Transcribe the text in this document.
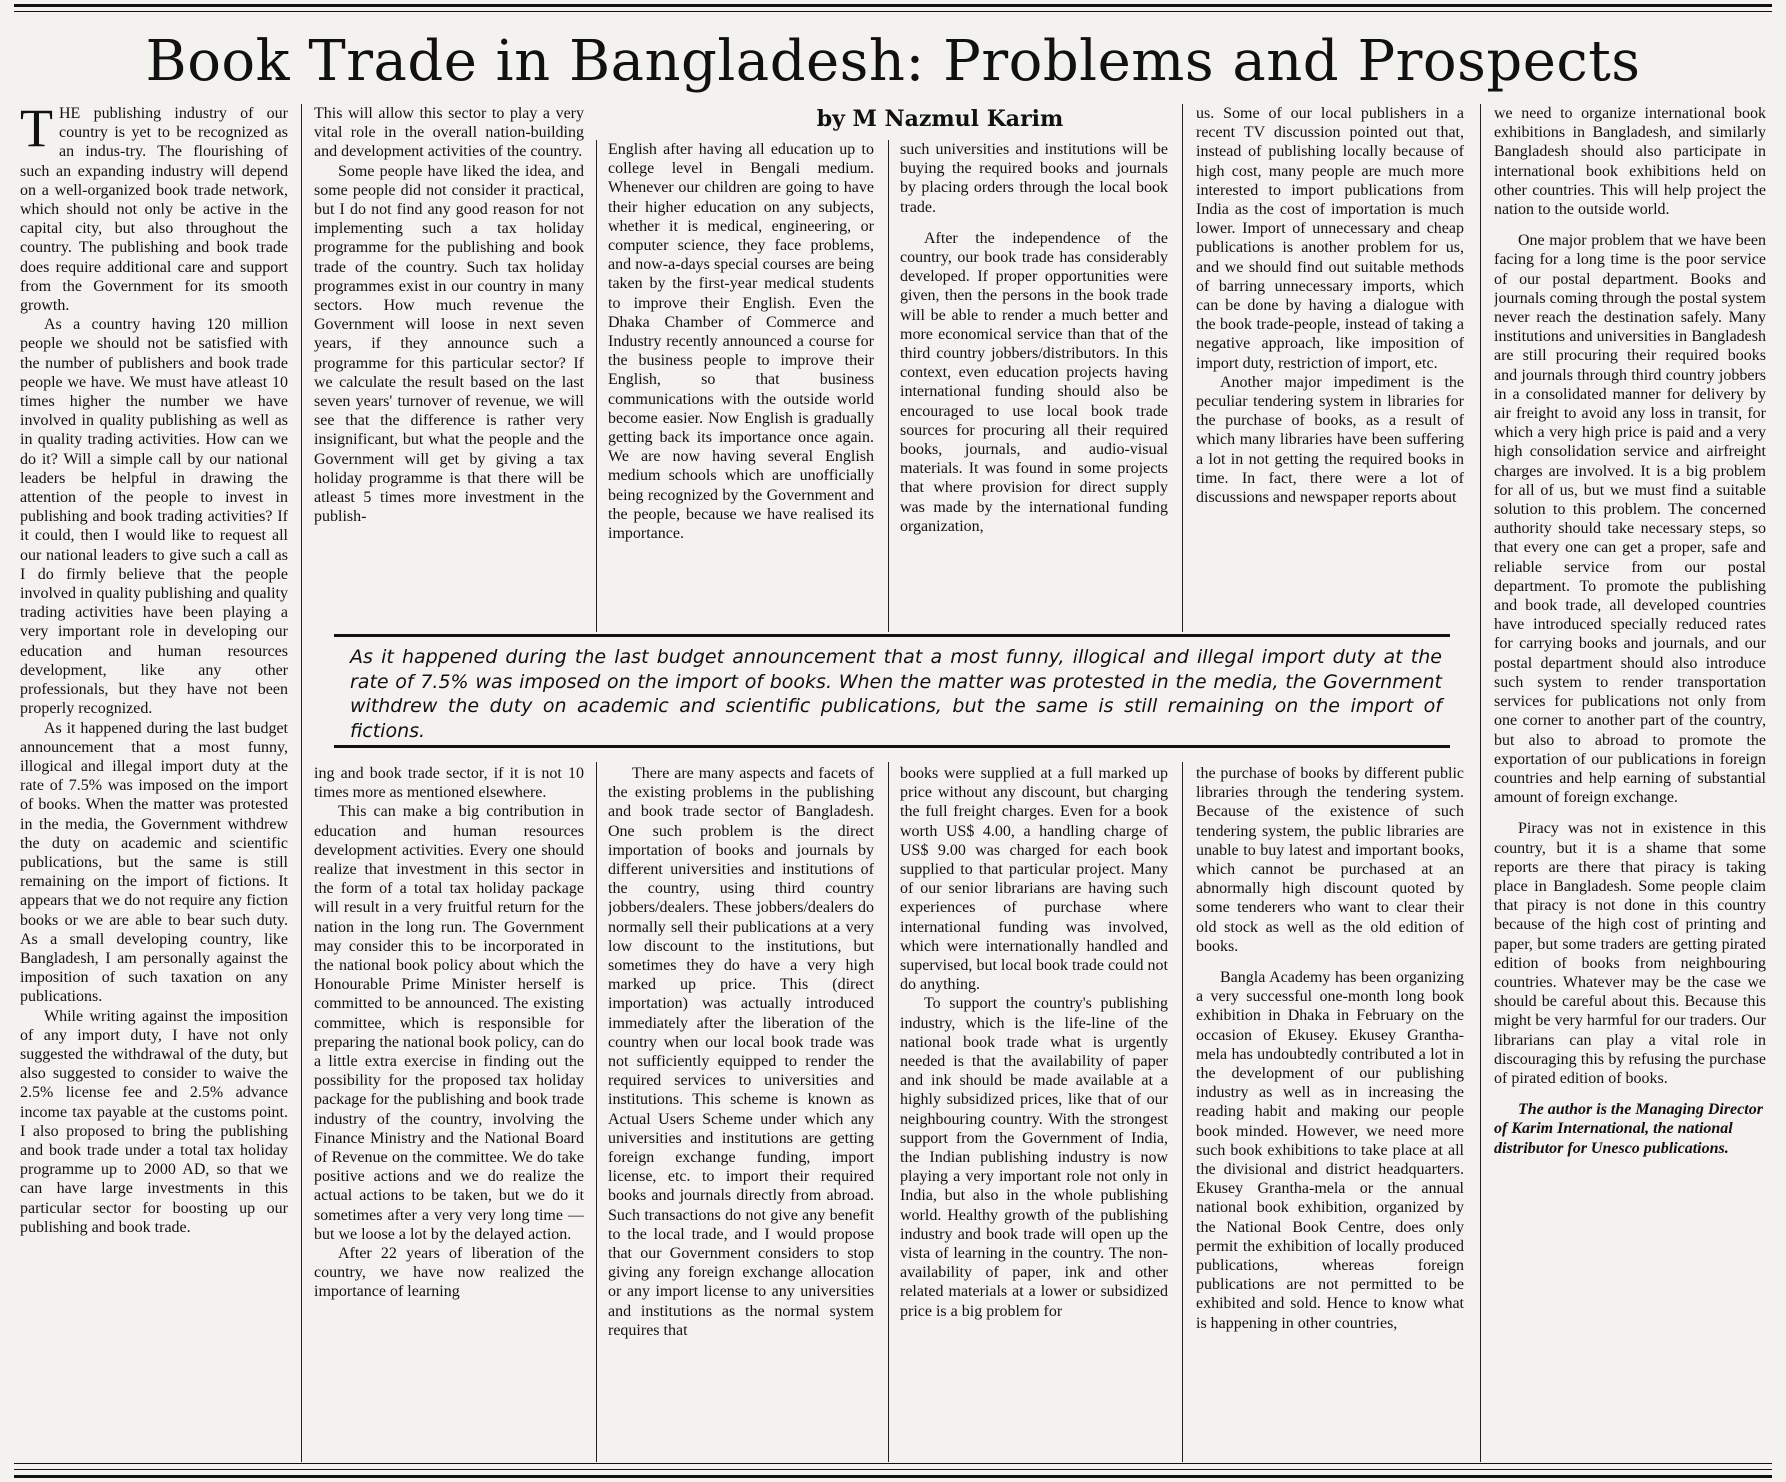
Book Trade in Bangladesh: Problems and Prospects
by M Nazmul Karim

THE publishing industry of our country is yet to be recognized as an indus-try. The flourishing of such an expanding industry will depend on a well-organized book trade network, which should not only be active in the capital city, but also throughout the country. The publishing and book trade does require additional care and support from the Government for its smooth growth.

As a country having 120 million people we should not be satisfied with the number of publishers and book trade people we have. We must have atleast 10 times higher the number we have involved in quality publishing as well as in quality trading activities. How can we do it? Will a simple call by our national leaders be helpful in drawing the attention of the people to invest in publishing and book trading activities? If it could, then I would like to request all our national leaders to give such a call as I do firmly believe that the people involved in quality publishing and quality trading activities have been playing a very important role in developing our education and human resources development, like any other professionals, but they have not been properly recognized.

As it happened during the last budget announcement that a most funny, illogical and illegal import duty at the rate of 7.5% was imposed on the import of books. When the matter was protested in the media, the Government withdrew the duty on academic and scientific publications, but the same is still remaining on the import of fictions. It appears that we do not require any fiction books or we are able to bear such duty. As a small developing country, like Bangladesh, I am personally against the imposition of such taxation on any publications.

While writing against the imposition of any import duty, I have not only suggested the withdrawal of the duty, but also suggested to consider to waive the 2.5% license fee and 2.5% advance income tax payable at the customs point. I also proposed to bring the publishing and book trade under a total tax holiday programme up to 2000 AD, so that we can have large investments in this particular sector for boosting up our publishing and book trade.

This will allow this sector to play a very vital role in the overall nation-building and development activities of the country.

Some people have liked the idea, and some people did not consider it practical, but I do not find any good reason for not implementing such a tax holiday programme for the publishing and book trade of the country. Such tax holiday programmes exist in our country in many sectors. How much revenue the Government will loose in next seven years, if they announce such a programme for this particular sector? If we calculate the result based on the last seven years' turnover of revenue, we will see that the difference is rather very insignificant, but what the people and the Government will get by giving a tax holiday programme is that there will be atleast 5 times more investment in the publish-

English after having all education up to college level in Bengali medium. Whenever our children are going to have their higher education on any subjects, whether it is medical, engineering, or computer science, they face problems, and now-a-days special courses are being taken by the first-year medical students to improve their English. Even the Dhaka Chamber of Commerce and Industry recently announced a course for the business people to improve their English, so that business communications with the outside world become easier. Now English is gradually getting back its importance once again. We are now having several English medium schools which are unofficially being recognized by the Government and the people, because we have realised its importance.

such universities and institutions will be buying the required books and journals by placing orders through the local book trade.

After the independence of the country, our book trade has considerably developed. If proper opportunities were given, then the persons in the book trade will be able to render a much better and more economical service than that of the third country jobbers/distributors. In this context, even education projects having international funding should also be encouraged to use local book trade sources for procuring all their required books, journals, and audio-visual materials. It was found in some projects that where provision for direct supply was made by the international funding organization,

us. Some of our local publishers in a recent TV discussion pointed out that, instead of publishing locally because of high cost, many people are much more interested to import publications from India as the cost of importation is much lower. Import of unnecessary and cheap publications is another problem for us, and we should find out suitable methods of barring unnecessary imports, which can be done by having a dialogue with the book trade-people, instead of taking a negative approach, like imposition of import duty, restriction of import, etc.

Another major impediment is the peculiar tendering system in libraries for the purchase of books, as a result of which many libraries have been suffering a lot in not getting the required books in time. In fact, there were a lot of discussions and newspaper reports about

As it happened during the last budget announcement that a most funny, illogical and illegal import duty at the rate of 7.5% was imposed on the import of books. When the matter was protested in the media, the Government withdrew the duty on academic and scientific publications, but the same is still remaining on the import of fictions.

ing and book trade sector, if it is not 10 times more as mentioned elsewhere.

This can make a big contribution in education and human resources development activities. Every one should realize that investment in this sector in the form of a total tax holiday package will result in a very fruitful return for the nation in the long run. The Government may consider this to be incorporated in the national book policy about which the Honourable Prime Minister herself is committed to be announced. The existing committee, which is responsible for preparing the national book policy, can do a little extra exercise in finding out the possibility for the proposed tax holiday package for the publishing and book trade industry of the country, involving the Finance Ministry and the National Board of Revenue on the committee. We do take positive actions and we do realize the actual actions to be taken, but we do it sometimes after a very very long time — but we loose a lot by the delayed action.

After 22 years of liberation of the country, we have now realized the importance of learning

There are many aspects and facets of the existing problems in the publishing and book trade sector of Bangladesh. One such problem is the direct importation of books and journals by different universities and institutions of the country, using third country jobbers/dealers. These jobbers/dealers do normally sell their publications at a very low discount to the institutions, but sometimes they do have a very high marked up price. This (direct importation) was actually introduced immediately after the liberation of the country when our local book trade was not sufficiently equipped to render the required services to universities and institutions. This scheme is known as Actual Users Scheme under which any universities and institutions are getting foreign exchange funding, import license, etc. to import their required books and journals directly from abroad. Such transactions do not give any benefit to the local trade, and I would propose that our Government considers to stop giving any foreign exchange allocation or any import license to any universities and institutions as the normal system requires that

books were supplied at a full marked up price without any discount, but charging the full freight charges. Even for a book worth US$ 4.00, a handling charge of US$ 9.00 was charged for each book supplied to that particular project. Many of our senior librarians are having such experiences of purchase where international funding was involved, which were internationally handled and supervised, but local book trade could not do anything.

To support the country's publishing industry, which is the life-line of the national book trade what is urgently needed is that the availability of paper and ink should be made available at a highly subsidized prices, like that of our neighbouring country. With the strongest support from the Government of India, the Indian publishing industry is now playing a very important role not only in India, but also in the whole publishing world. Healthy growth of the publishing industry and book trade will open up the vista of learning in the country. The non-availability of paper, ink and other related materials at a lower or subsidized price is a big problem for

the purchase of books by different public libraries through the tendering system. Because of the existence of such tendering system, the public libraries are unable to buy latest and important books, which cannot be purchased at an abnormally high discount quoted by some tenderers who want to clear their old stock as well as the old edition of books.

Bangla Academy has been organizing a very successful one-month long book exhibition in Dhaka in February on the occasion of Ekusey. Ekusey Grantha-mela has undoubtedly contributed a lot in the development of our publishing industry as well as in increasing the reading habit and making our people book minded. However, we need more such book exhibitions to take place at all the divisional and district headquarters. Ekusey Grantha-mela or the annual national book exhibition, organized by the National Book Centre, does only permit the exhibition of locally produced publications, whereas foreign publications are not permitted to be exhibited and sold. Hence to know what is happening in other countries,

we need to organize international book exhibitions in Bangladesh, and similarly Bangladesh should also participate in international book exhibitions held on other countries. This will help project the nation to the outside world.

One major problem that we have been facing for a long time is the poor service of our postal department. Books and journals coming through the postal system never reach the destination safely. Many institutions and universities in Bangladesh are still procuring their required books and journals through third country jobbers in a consolidated manner for delivery by air freight to avoid any loss in transit, for which a very high price is paid and a very high consolidation service and airfreight charges are involved. It is a big problem for all of us, but we must find a suitable solution to this problem. The concerned authority should take necessary steps, so that every one can get a proper, safe and reliable service from our postal department. To promote the publishing and book trade, all developed countries have introduced specially reduced rates for carrying books and journals, and our postal department should also introduce such system to render transportation services for publications not only from one corner to another part of the country, but also to abroad to promote the exportation of our publications in foreign countries and help earning of substantial amount of foreign exchange.

Piracy was not in existence in this country, but it is a shame that some reports are there that piracy is taking place in Bangladesh. Some people claim that piracy is not done in this country because of the high cost of printing and paper, but some traders are getting pirated edition of books from neighbouring countries. Whatever may be the case we should be careful about this. Because this might be very harmful for our traders. Our librarians can play a vital role in discouraging this by refusing the purchase of pirated edition of books.

The author is the Managing Director of Karim International, the national distributor for Unesco publications.
